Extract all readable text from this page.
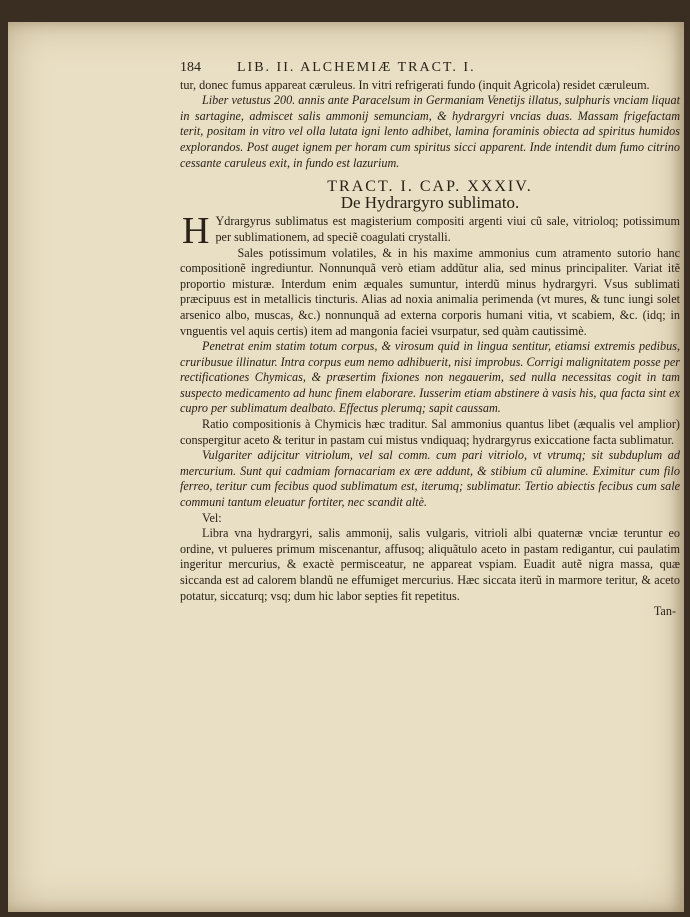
184	LIB. II. ALCHEMIÆ TRACT. I.

tur, donec fumus appareat cæruleus. In vitri refrigerati fundo (inquit Agricola) residet cæruleum.

Liber vetustus 200. annis ante Paracelsum in Germaniam Venetijs illatus, sulphuris vnciam liquat in sartagine, admiscet salis ammonij semunciam, & hydrargyri vncias duas. Massam frigefactam terit, positam in vitro vel olla lutata igni lento adhibet, lamina foraminis obiecta ad spiritus humidos explorandos. Post auget ignem per horam cum spiritus sicci apparent. Inde intendit dum fumo citrino cessante caruleus exit, in fundo est lazurium.

TRACT. I. CAP. XXXIV.
De Hydrargyro sublimato.

H Ydrargyrus sublimatus est magisterium compositi argenti viui cũ sale, vitrioloq; potissimum per sublimationem, ad speciẽ coagulati crystalli.

Sales potissimum volatiles, & in his maxime ammonius cum atramento sutorio hanc compositionẽ ingrediuntur. Nonnunquã verò etiam addũtur alia, sed minus principaliter. Variat itẽ proportio misturæ. Interdum enim æquales sumuntur, interdũ minus hydrargyri. Vsus sublimati præcipuus est in metallicis tincturis. Alias ad noxia animalia perimenda (vt mures, & tunc iungi solet arsenico albo, muscas, &c.) nonnunquã ad externa corporis humani vitia, vt scabiem, &c. (idq; in vnguentis vel aquis certis) item ad mangonia faciei vsurpatur, sed quàm cautissimè.

Penetrat enim statim totum corpus, & virosum quid in lingua sentitur, etiamsi extremis pedibus, cruribusue illinatur. Intra corpus eum nemo adhibuerit, nisi improbus. Corrigi malignitatem posse per rectificationes Chymicas, & præsertim fixiones non negauerim, sed nulla necessitas cogit in tam suspecto medicamento ad hunc finem elaborare. Iusserim etiam abstinere à vasis his, qua facta sint ex cupro per sublimatum dealbato. Effectus plerumq; sapit caussam.

Ratio compositionis à Chymicis hæc traditur. Sal ammonius quantus libet (æqualis vel amplior) conspergitur aceto & teritur in pastam cui mistus vndiquaq; hydrargyrus exiccatione facta sublimatur.

Vulgariter adijcitur vitriolum, vel sal comm. cum pari vitriolo, vt vtrumq; sit subduplum ad mercurium. Sunt qui cadmiam fornacariam ex ære addunt, & stibium cũ alumine. Eximitur cum filo ferreo, teritur cum fecibus quod sublimatum est, iterumq; sublimatur. Tertio abiectis fecibus cum sale communi tantum eleuatur fortiter, nec scandit altè.

Vel:

Libra vna hydrargyri, salis ammonij, salis vulgaris, vitrioli albi quaternæ vnciæ teruntur eo ordine, vt pulueres primum miscenantur, affusoq; aliquãtulo aceto in pastam redigantur, cui paulatim ingeritur mercurius, & exactè permisceatur, ne appareat vspiam. Euadit autẽ nigra massa, quæ siccanda est ad calorem blandũ ne effumiget mercurius. Hæc siccata iterũ in marmore teritur, & aceto potatur, siccaturq; vsq; dum hic labor septies fit repetitus.

Tan-
